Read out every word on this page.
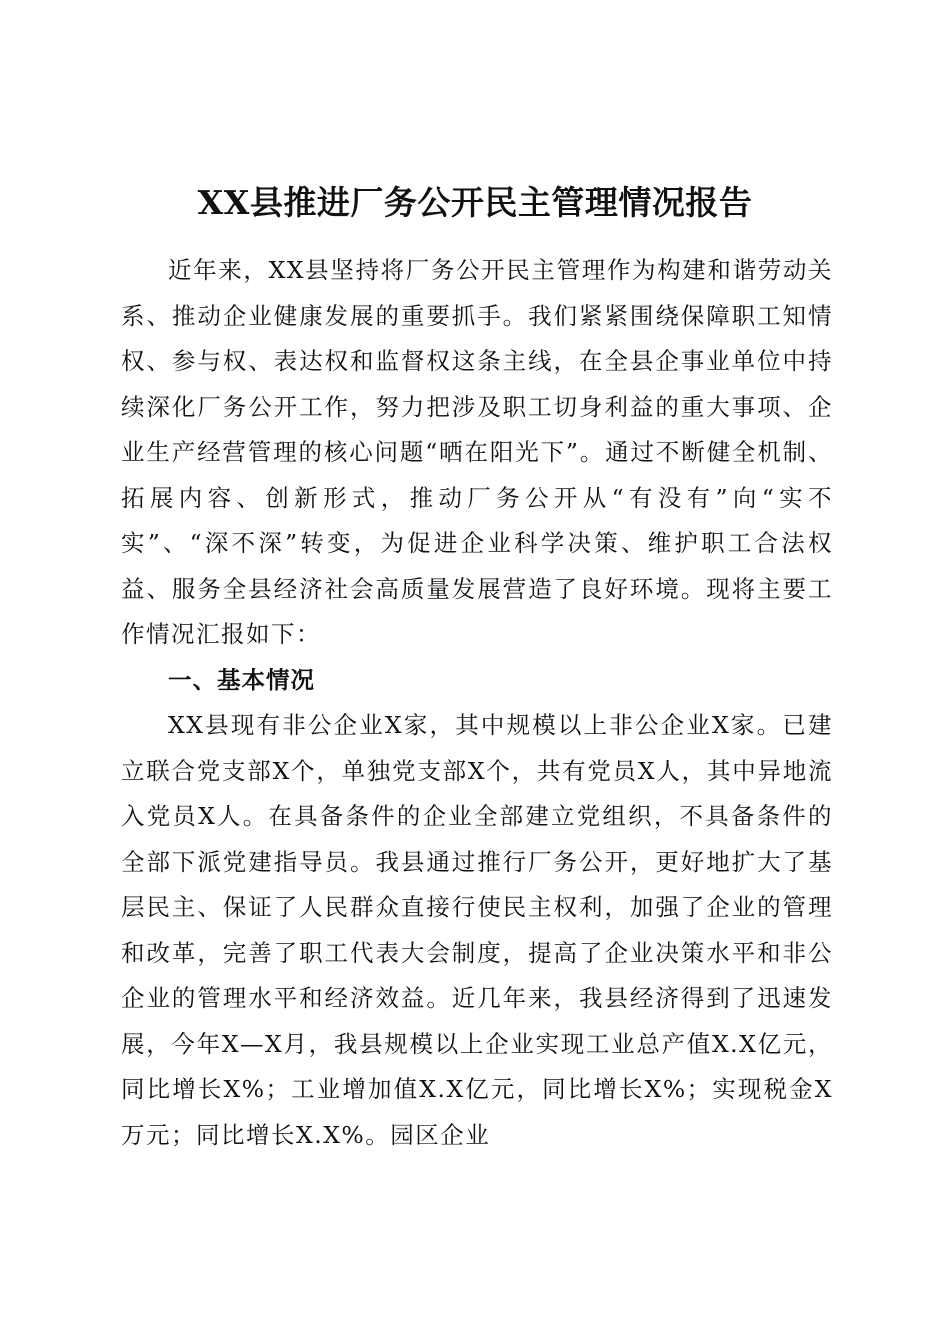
XX县推进厂务公开民主管理情况报告

近年来，XX县坚持将厂务公开民主管理作为构建和谐劳动关系、推动企业健康发展的重要抓手。我们紧紧围绕保障职工知情权、参与权、表达权和监督权这条主线，在全县企事业单位中持续深化厂务公开工作，努力把涉及职工切身利益的重大事项、企业生产经营管理的核心问题“晒在阳光下”。通过不断健全机制、拓展内容、创新形式，推动厂务公开从“有没有”向“实不实”、“深不深”转变，为促进企业科学决策、维护职工合法权益、服务全县经济社会高质量发展营造了良好环境。现将主要工作情况汇报如下：

一、基本情况

XX县现有非公企业X家，其中规模以上非公企业X家。已建立联合党支部X个，单独党支部X个，共有党员X人，其中异地流入党员X人。在具备条件的企业全部建立党组织，不具备条件的全部下派党建指导员。我县通过推行厂务公开，更好地扩大了基层民主、保证了人民群众直接行使民主权利，加强了企业的管理和改革，完善了职工代表大会制度，提高了企业决策水平和非公企业的管理水平和经济效益。近几年来，我县经济得到了迅速发展，今年X—X月，我县规模以上企业实现工业总产值X.X亿元，同比增长X%；工业增加值X.X亿元，同比增长X%；实现税金X万元；同比增长X.X%。园区企业
